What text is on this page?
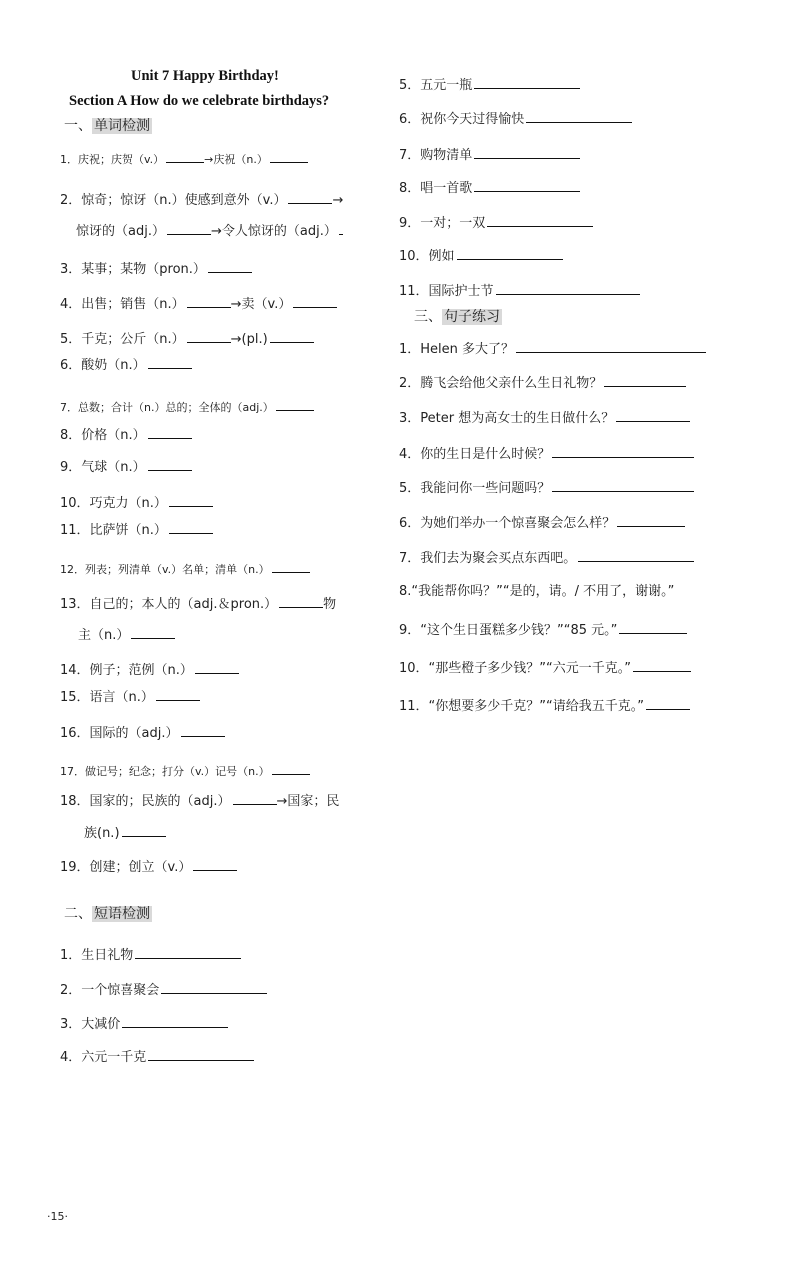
Unit 7 Happy Birthday!
Section A How do we celebrate birthdays?
一、 单词检测
1．庆祝；庆贺（v.）	→庆祝（n.）
2．惊奇；惊讶（n.）使感到意外（v.）	→
惊讶的（adj.）	→令人惊讶的（adj.）
3．某事；某物（pron.）
4．出售；销售（n.）	→卖（v.）
5．千克；公斤（n.）	→(pl.)
6．酸奶（n.）
7．总数；合计（n.）总的；全体的（adj.）
8．价格（n.）
9．气球（n.）
10．巧克力（n.）
11．比萨饼（n.）
12．列表；列清单（v.）名单；清单（n.）
13．自己的；本人的（adj.＆pron.）	物
主（n.）
14．例子；范例（n.）
15．语言（n.）
16．国际的（adj.）
17．做记号；纪念；打分（v.）记号（n.）
18．国家的；民族的（adj.）	→国家；民
族(n.)
19．创建；创立（v.）
二、 短语检测
1．生日礼物
2．一个惊喜聚会
3．大减价
4．六元一千克
5．五元一瓶
6．祝你今天过得愉快
7．购物清单
8．唱一首歌
9．一对；一双
10．例如
11．国际护士节
三、 句子练习
1．Helen 多大了？
2．腾飞会给他父亲什么生日礼物？
3．Peter 想为高女士的生日做什么？
4．你的生日是什么时候？
5．我能问你一些问题吗？
6．为她们举办一个惊喜聚会怎么样？
7．我们去为聚会买点东西吧。
8.“我能帮你吗？”“是的，请。/ 不用了，谢谢。”
9．“这个生日蛋糕多少钱？”“85 元。”
10．“那些橙子多少钱？”“六元一千克。”
11．“你想要多少千克？”“请给我五千克。”
·15·
